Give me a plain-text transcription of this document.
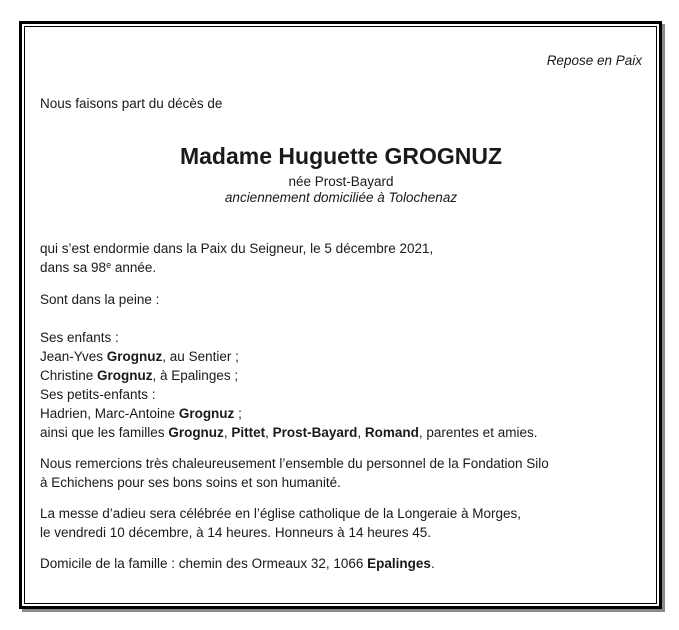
Repose en Paix
Nous faisons part du décès de
Madame Huguette GROGNUZ
née Prost-Bayard
anciennement domiciliée à Tolochenaz
qui s’est endormie dans la Paix du Seigneur, le 5 décembre 2021,
dans sa 98e année.
Sont dans la peine :
Ses enfants :
Jean-Yves Grognuz, au Sentier ;
Christine Grognuz, à Epalinges ;
Ses petits-enfants :
Hadrien, Marc-Antoine Grognuz ;
ainsi que les familles Grognuz, Pittet, Prost-Bayard, Romand, parentes et amies.
Nous remercions très chaleureusement l’ensemble du personnel de la Fondation Silo
à Echichens pour ses bons soins et son humanité.
La messe d’adieu sera célébrée en l’église catholique de la Longeraie à Morges,
le vendredi 10 décembre, à 14 heures. Honneurs à 14 heures 45.
Domicile de la famille : chemin des Ormeaux 32, 1066 Epalinges.
